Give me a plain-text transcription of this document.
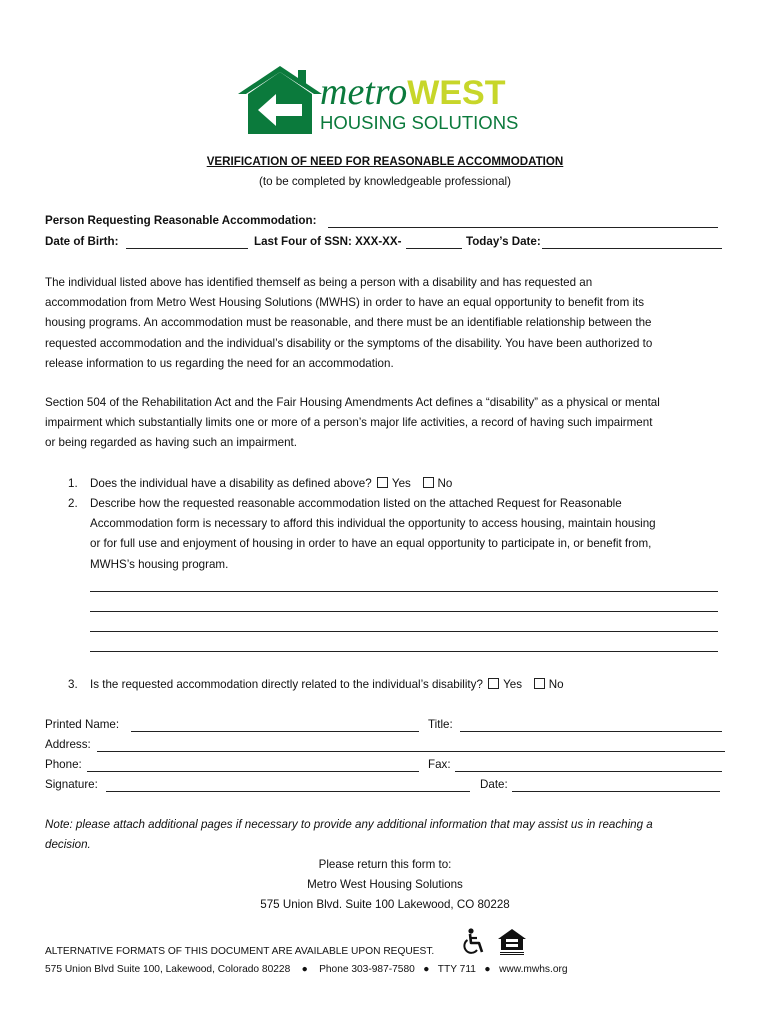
metroWEST
HOUSING SOLUTIONS
VERIFICATION OF NEED FOR REASONABLE ACCOMMODATION
(to be completed by knowledgeable professional)
Person Requesting Reasonable Accommodation:
Date of Birth:	Last Four of SSN: XXX-XX-	Today’s Date:

The individual listed above has identified themself as being a person with a disability and has requested an

accommodation from Metro West Housing Solutions (MWHS) in order to have an equal opportunity to benefit from its

housing programs. An accommodation must be reasonable, and there must be an identifiable relationship between the

requested accommodation and the individual’s disability or the symptoms of the disability. You have been authorized to

release information to us regarding the need for an accommodation.

Section 504 of the Rehabilitation Act and the Fair Housing Amendments Act defines a “disability” as a physical or mental

impairment which substantially limits one or more of a person’s major life activities, a record of having such impairment

or being regarded as having such an impairment.

1. Does the individual have a disability as defined above? Yes No
2. Describe how the requested reasonable accommodation listed on the attached Request for Reasonable

Accommodation form is necessary to afford this individual the opportunity to access housing, maintain housing

or for full use and enjoyment of housing in order to have an equal opportunity to participate in, or benefit from,

MWHS’s housing program.

3. Is the requested accommodation directly related to the individual’s disability? Yes No
Printed Name:	Title:
Address:
Phone:	Fax:
Signature:	Date:

Note: please attach additional pages if necessary to provide any additional information that may assist us in reaching a

decision.

Please return this form to:
Metro West Housing Solutions
575 Union Blvd. Suite 100 Lakewood, CO 80228
ALTERNATIVE FORMATS OF THIS DOCUMENT ARE AVAILABLE UPON REQUEST.
575 Union Blvd Suite 100, Lakewood, Colorado 80228 ● Phone 303-987-7580 ● TTY 711 ● www.mwhs.org
